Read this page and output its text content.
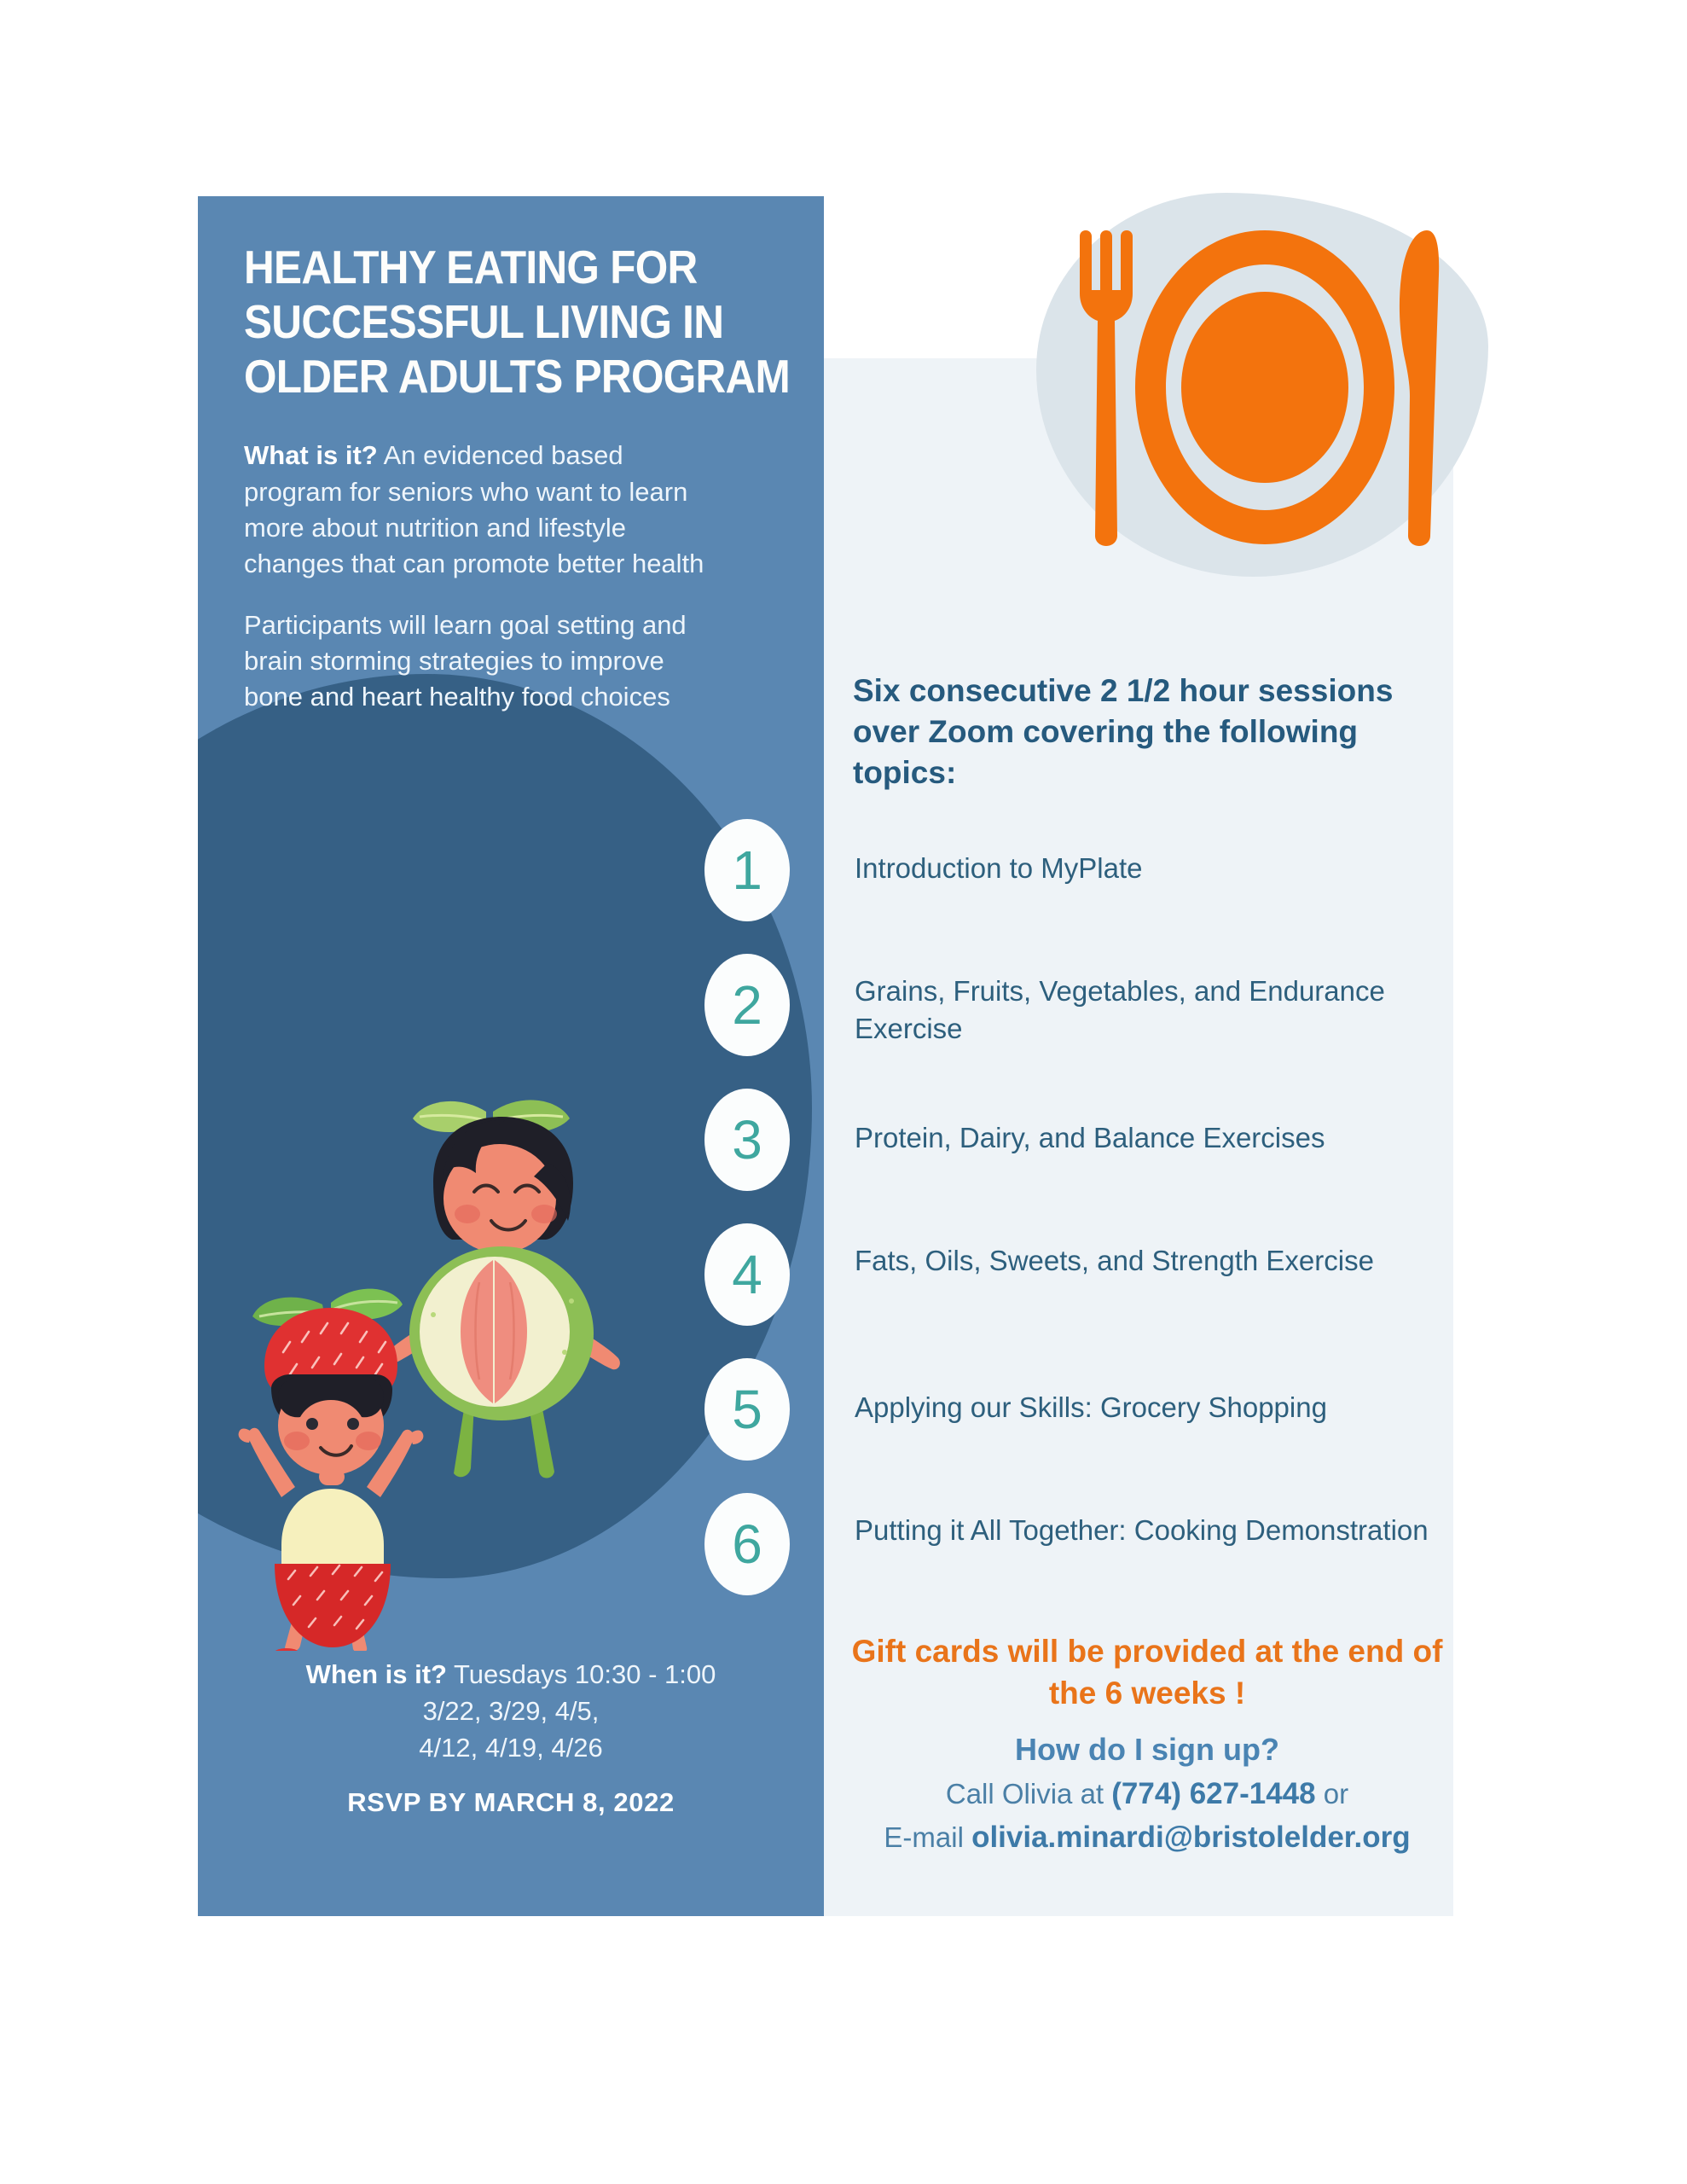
HEALTHY EATING FOR SUCCESSFUL LIVING IN OLDER ADULTS PROGRAM

What is it? An evidenced based program for seniors who want to learn more about nutrition and lifestyle changes that can promote better health

Participants will learn goal setting and brain storming strategies to improve bone and heart healthy food choices

When is it? Tuesdays 10:30 - 1:00
3/22, 3/29, 4/5,
4/12, 4/19, 4/26
RSVP BY MARCH 8, 2022
Six consecutive 2 1/2 hour sessions over Zoom covering the following topics:
1	Introduction to MyPlate
2	Grains, Fruits, Vegetables, and Endurance Exercise
3	Protein, Dairy, and Balance Exercises
4	Fats, Oils, Sweets, and Strength Exercise
5	Applying our Skills: Grocery Shopping
6	Putting it All Together: Cooking Demonstration
Gift cards will be provided at the end of the 6 weeks !
How do I sign up?
Call Olivia at (774) 627-1448 or
E-mail olivia.minardi@bristolelder.org
